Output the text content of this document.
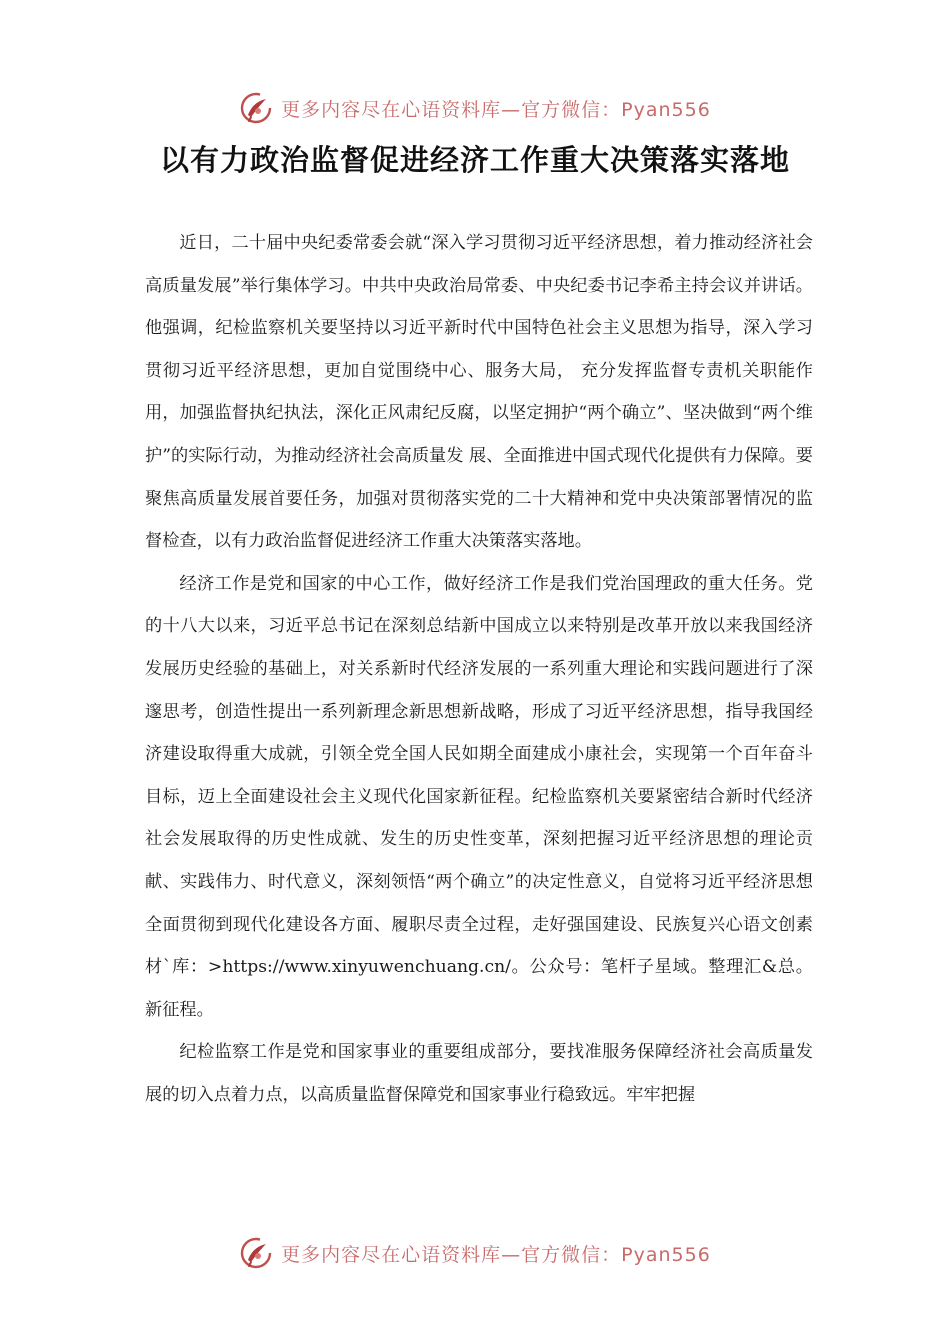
更多内容尽在心语资料库—官方微信：Pyan556
以有力政治监督促进经济工作重大决策落实落地

近日，二十届中央纪委常委会就“深入学习贯彻习近平经济思想，着力推动经济社会高质量发展”举行集体学习。中共中央政治局常委、中央纪委书记李希主持会议并讲话。他强调，纪检监察机关要坚持以习近平新时代中国特色社会主义思想为指导，深入学习贯彻习近平经济思想，更加自觉围绕中心、服务大局， 充分发挥监督专责机关职能作用，加强监督执纪执法，深化正风肃纪反腐，以坚定拥护“两个确立”、坚决做到“两个维护”的实际行动，为推动经济社会高质量发 展、全面推进中国式现代化提供有力保障。要聚焦高质量发展首要任务，加强对贯彻落实党的二十大精神和党中央决策部署情况的监督检查，以有力政治监督促进经济工作重大决策落实落地。

经济工作是党和国家的中心工作，做好经济工作是我们党治国理政的重大任务。党的十八大以来，习近平总书记在深刻总结新中国成立以来特别是改革开放以来我国经济发展历史经验的基础上，对关系新时代经济发展的一系列重大理论和实践问题进行了深邃思考，创造性提出一系列新理念新思想新战略，形成了习近平经济思想，指导我国经济建设取得重大成就，引领全党全国人民如期全面建成小康社会，实现第一个百年奋斗目标，迈上全面建设社会主义现代化国家新征程。纪检监察机关要紧密结合新时代经济社会发展取得的历史性成就、发生的历史性变革，深刻把握习近平经济思想的理论贡献、实践伟力、时代意义，深刻领悟“两个确立”的决定性意义，自觉将习近平经济思想全面贯彻到现代化建设各方面、履职尽责全过程，走好强国建设、民族复兴心语文创素材`库：>https://www.xinyuwenchuang.cn/。公众号：笔杆子星域。整理汇&总。新征程。

纪检监察工作是党和国家事业的重要组成部分，要找准服务保障经济社会高质量发展的切入点着力点，以高质量监督保障党和国家事业行稳致远。牢牢把握

更多内容尽在心语资料库—官方微信：Pyan556
